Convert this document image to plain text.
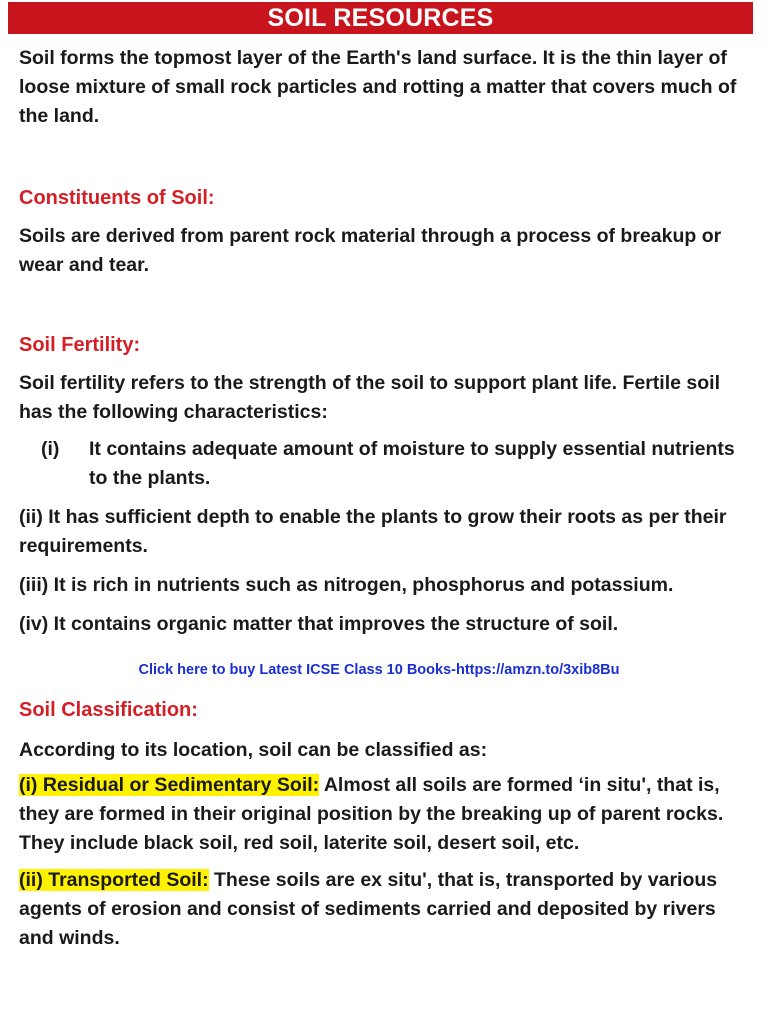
SOIL RESOURCES

Soil forms the topmost layer of the Earth's land surface. It is the thin layer of loose mixture of small rock particles and rotting a matter that covers much of the land.

Constituents of Soil:

Soils are derived from parent rock material through a process of breakup or wear and tear.

Soil Fertility:

Soil fertility refers to the strength of the soil to support plant life. Fertile soil has the following characteristics:

(i)	It contains adequate amount of moisture to supply essential nutrients to the plants.

(ii) It has sufficient depth to enable the plants to grow their roots as per their requirements.

(iii) It is rich in nutrients such as nitrogen, phosphorus and potassium.

(iv) It contains organic matter that improves the structure of soil.

Click here to buy Latest ICSE Class 10 Books-https://amzn.to/3xib8Bu
Soil Classification:

According to its location, soil can be classified as:

(i) Residual or Sedimentary Soil: Almost all soils are formed ‘in situ', that is, they are formed in their original position by the breaking up of parent rocks. They include black soil, red soil, laterite soil, desert soil, etc.

(ii) Transported Soil: These soils are ex situ', that is, transported by various agents of erosion and consist of sediments carried and deposited by rivers and winds.
